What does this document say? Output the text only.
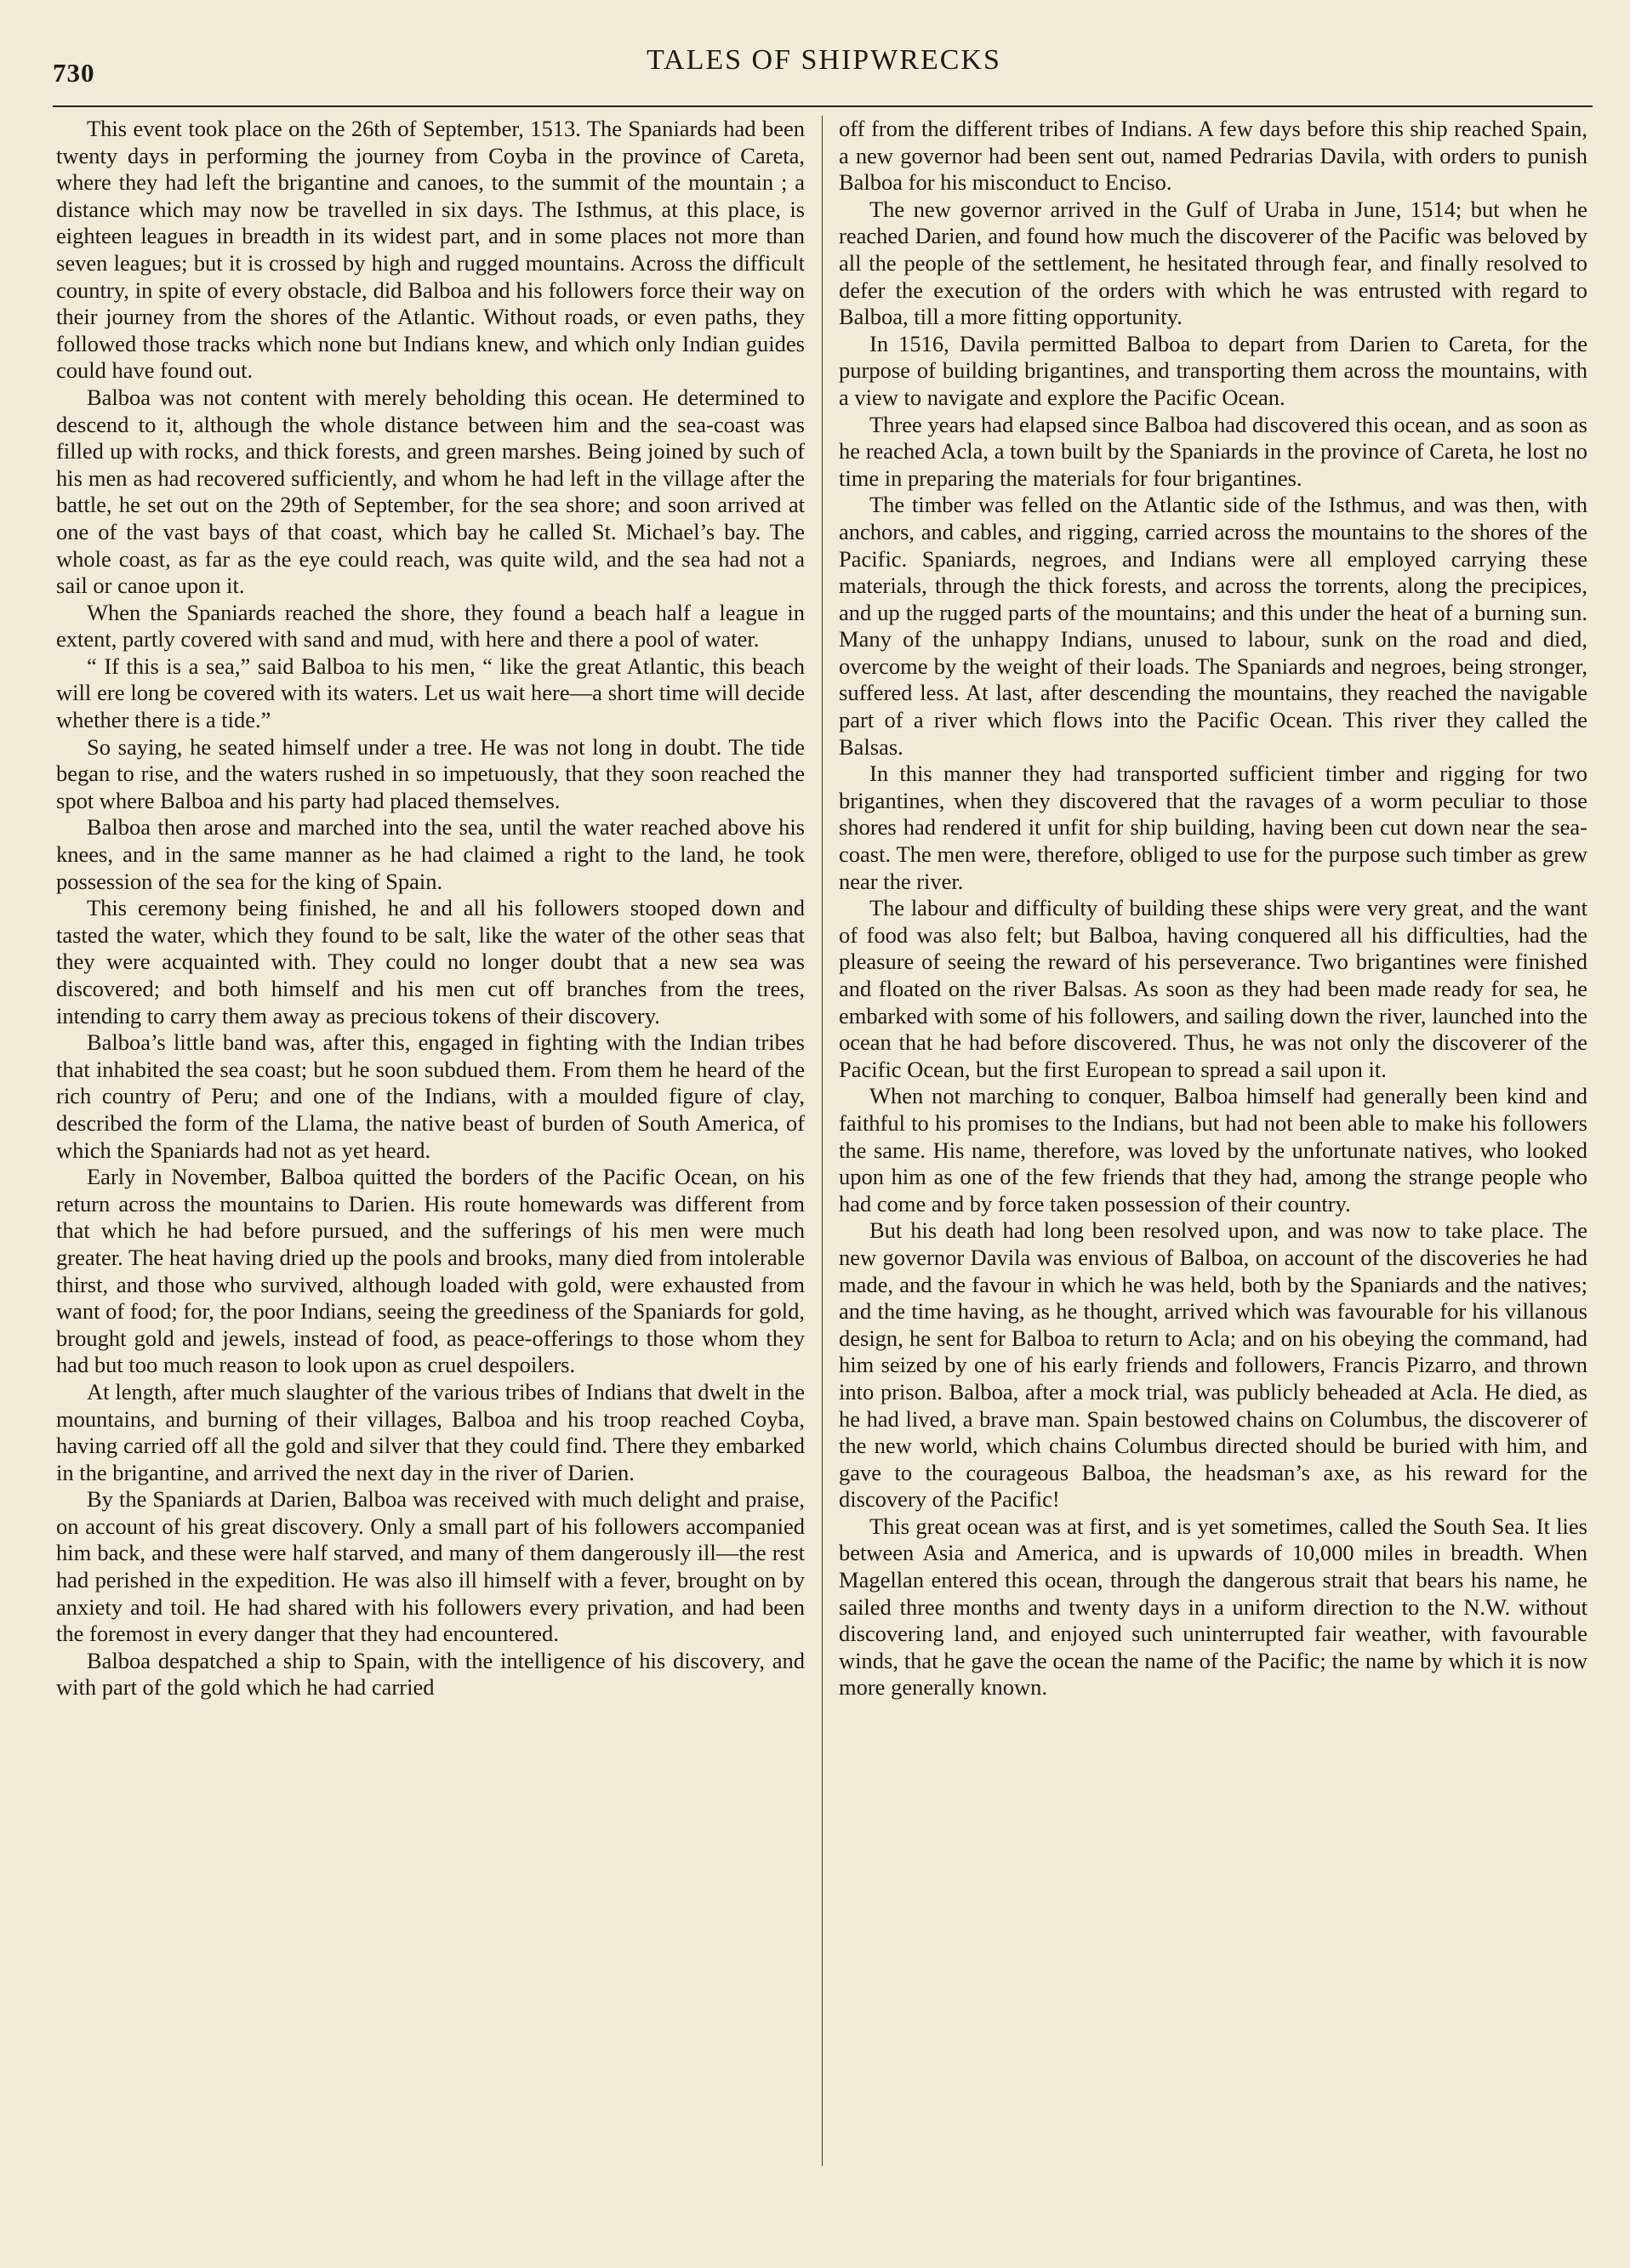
730	TALES OF SHIPWRECKS

This event took place on the 26th of September, 1513. The Spaniards had been twenty days in performing the journey from Coyba in the province of Careta, where they had left the brigantine and canoes, to the summit of the mountain ; a distance which may now be travelled in six days. The Isthmus, at this place, is eighteen leagues in breadth in its widest part, and in some places not more than seven leagues; but it is crossed by high and rugged mountains. Across the difficult country, in spite of every obstacle, did Balboa and his followers force their way on their journey from the shores of the Atlantic. Without roads, or even paths, they followed those tracks which none but Indians knew, and which only Indian guides could have found out.

Balboa was not content with merely beholding this ocean. He determined to descend to it, although the whole distance between him and the sea-coast was filled up with rocks, and thick forests, and green marshes. Being joined by such of his men as had recovered sufficiently, and whom he had left in the village after the battle, he set out on the 29th of September, for the sea shore; and soon arrived at one of the vast bays of that coast, which bay he called St. Michael’s bay. The whole coast, as far as the eye could reach, was quite wild, and the sea had not a sail or canoe upon it.

When the Spaniards reached the shore, they found a beach half a league in extent, partly covered with sand and mud, with here and there a pool of water.

“ If this is a sea,” said Balboa to his men, “ like the great Atlantic, this beach will ere long be covered with its waters. Let us wait here—a short time will decide whether there is a tide.”

So saying, he seated himself under a tree. He was not long in doubt. The tide began to rise, and the waters rushed in so impetuously, that they soon reached the spot where Balboa and his party had placed themselves.

Balboa then arose and marched into the sea, until the water reached above his knees, and in the same manner as he had claimed a right to the land, he took possession of the sea for the king of Spain.

This ceremony being finished, he and all his followers stooped down and tasted the water, which they found to be salt, like the water of the other seas that they were acquainted with. They could no longer doubt that a new sea was discovered; and both himself and his men cut off branches from the trees, intending to carry them away as precious tokens of their discovery.

Balboa’s little band was, after this, engaged in fighting with the Indian tribes that inhabited the sea coast; but he soon subdued them. From them he heard of the rich country of Peru; and one of the Indians, with a moulded figure of clay, described the form of the Llama, the native beast of burden of South America, of which the Spaniards had not as yet heard.

Early in November, Balboa quitted the borders of the Pacific Ocean, on his return across the mountains to Darien. His route homewards was different from that which he had before pursued, and the sufferings of his men were much greater. The heat having dried up the pools and brooks, many died from intolerable thirst, and those who survived, although loaded with gold, were exhausted from want of food; for, the poor Indians, seeing the greediness of the Spaniards for gold, brought gold and jewels, instead of food, as peace-offerings to those whom they had but too much reason to look upon as cruel despoilers.

At length, after much slaughter of the various tribes of Indians that dwelt in the mountains, and burning of their villages, Balboa and his troop reached Coyba, having carried off all the gold and silver that they could find. There they embarked in the brigantine, and arrived the next day in the river of Darien.

By the Spaniards at Darien, Balboa was received with much delight and praise, on account of his great discovery. Only a small part of his followers accompanied him back, and these were half starved, and many of them dangerously ill—the rest had perished in the expedition. He was also ill himself with a fever, brought on by anxiety and toil. He had shared with his followers every privation, and had been the foremost in every danger that they had encountered.

Balboa despatched a ship to Spain, with the intelligence of his discovery, and with part of the gold which he had carried

off from the different tribes of Indians. A few days before this ship reached Spain, a new governor had been sent out, named Pedrarias Davila, with orders to punish Balboa for his misconduct to Enciso.

The new governor arrived in the Gulf of Uraba in June, 1514; but when he reached Darien, and found how much the discoverer of the Pacific was beloved by all the people of the settlement, he hesitated through fear, and finally resolved to defer the execution of the orders with which he was entrusted with regard to Balboa, till a more fitting opportunity.

In 1516, Davila permitted Balboa to depart from Darien to Careta, for the purpose of building brigantines, and transporting them across the mountains, with a view to navigate and explore the Pacific Ocean.

Three years had elapsed since Balboa had discovered this ocean, and as soon as he reached Acla, a town built by the Spaniards in the province of Careta, he lost no time in preparing the materials for four brigantines.

The timber was felled on the Atlantic side of the Isthmus, and was then, with anchors, and cables, and rigging, carried across the mountains to the shores of the Pacific. Spaniards, negroes, and Indians were all employed carrying these materials, through the thick forests, and across the torrents, along the precipices, and up the rugged parts of the mountains; and this under the heat of a burning sun. Many of the unhappy Indians, unused to labour, sunk on the road and died, overcome by the weight of their loads. The Spaniards and negroes, being stronger, suffered less. At last, after descending the mountains, they reached the navigable part of a river which flows into the Pacific Ocean. This river they called the Balsas.

In this manner they had transported sufficient timber and rigging for two brigantines, when they discovered that the ravages of a worm peculiar to those shores had rendered it unfit for ship building, having been cut down near the sea-coast. The men were, therefore, obliged to use for the purpose such timber as grew near the river.

The labour and difficulty of building these ships were very great, and the want of food was also felt; but Balboa, having conquered all his difficulties, had the pleasure of seeing the reward of his perseverance. Two brigantines were finished and floated on the river Balsas. As soon as they had been made ready for sea, he embarked with some of his followers, and sailing down the river, launched into the ocean that he had before discovered. Thus, he was not only the discoverer of the Pacific Ocean, but the first European to spread a sail upon it.

When not marching to conquer, Balboa himself had generally been kind and faithful to his promises to the Indians, but had not been able to make his followers the same. His name, therefore, was loved by the unfortunate natives, who looked upon him as one of the few friends that they had, among the strange people who had come and by force taken possession of their country.

But his death had long been resolved upon, and was now to take place. The new governor Davila was envious of Balboa, on account of the discoveries he had made, and the favour in which he was held, both by the Spaniards and the natives; and the time having, as he thought, arrived which was favourable for his villanous design, he sent for Balboa to return to Acla; and on his obeying the command, had him seized by one of his early friends and followers, Francis Pizarro, and thrown into prison. Balboa, after a mock trial, was publicly beheaded at Acla. He died, as he had lived, a brave man. Spain bestowed chains on Columbus, the discoverer of the new world, which chains Columbus directed should be buried with him, and gave to the courageous Balboa, the headsman’s axe, as his reward for the discovery of the Pacific!

This great ocean was at first, and is yet sometimes, called the South Sea. It lies between Asia and America, and is upwards of 10,000 miles in breadth. When Magellan entered this ocean, through the dangerous strait that bears his name, he sailed three months and twenty days in a uniform direction to the N.W. without discovering land, and enjoyed such uninterrupted fair weather, with favourable winds, that he gave the ocean the name of the Pacific; the name by which it is now more generally known.
